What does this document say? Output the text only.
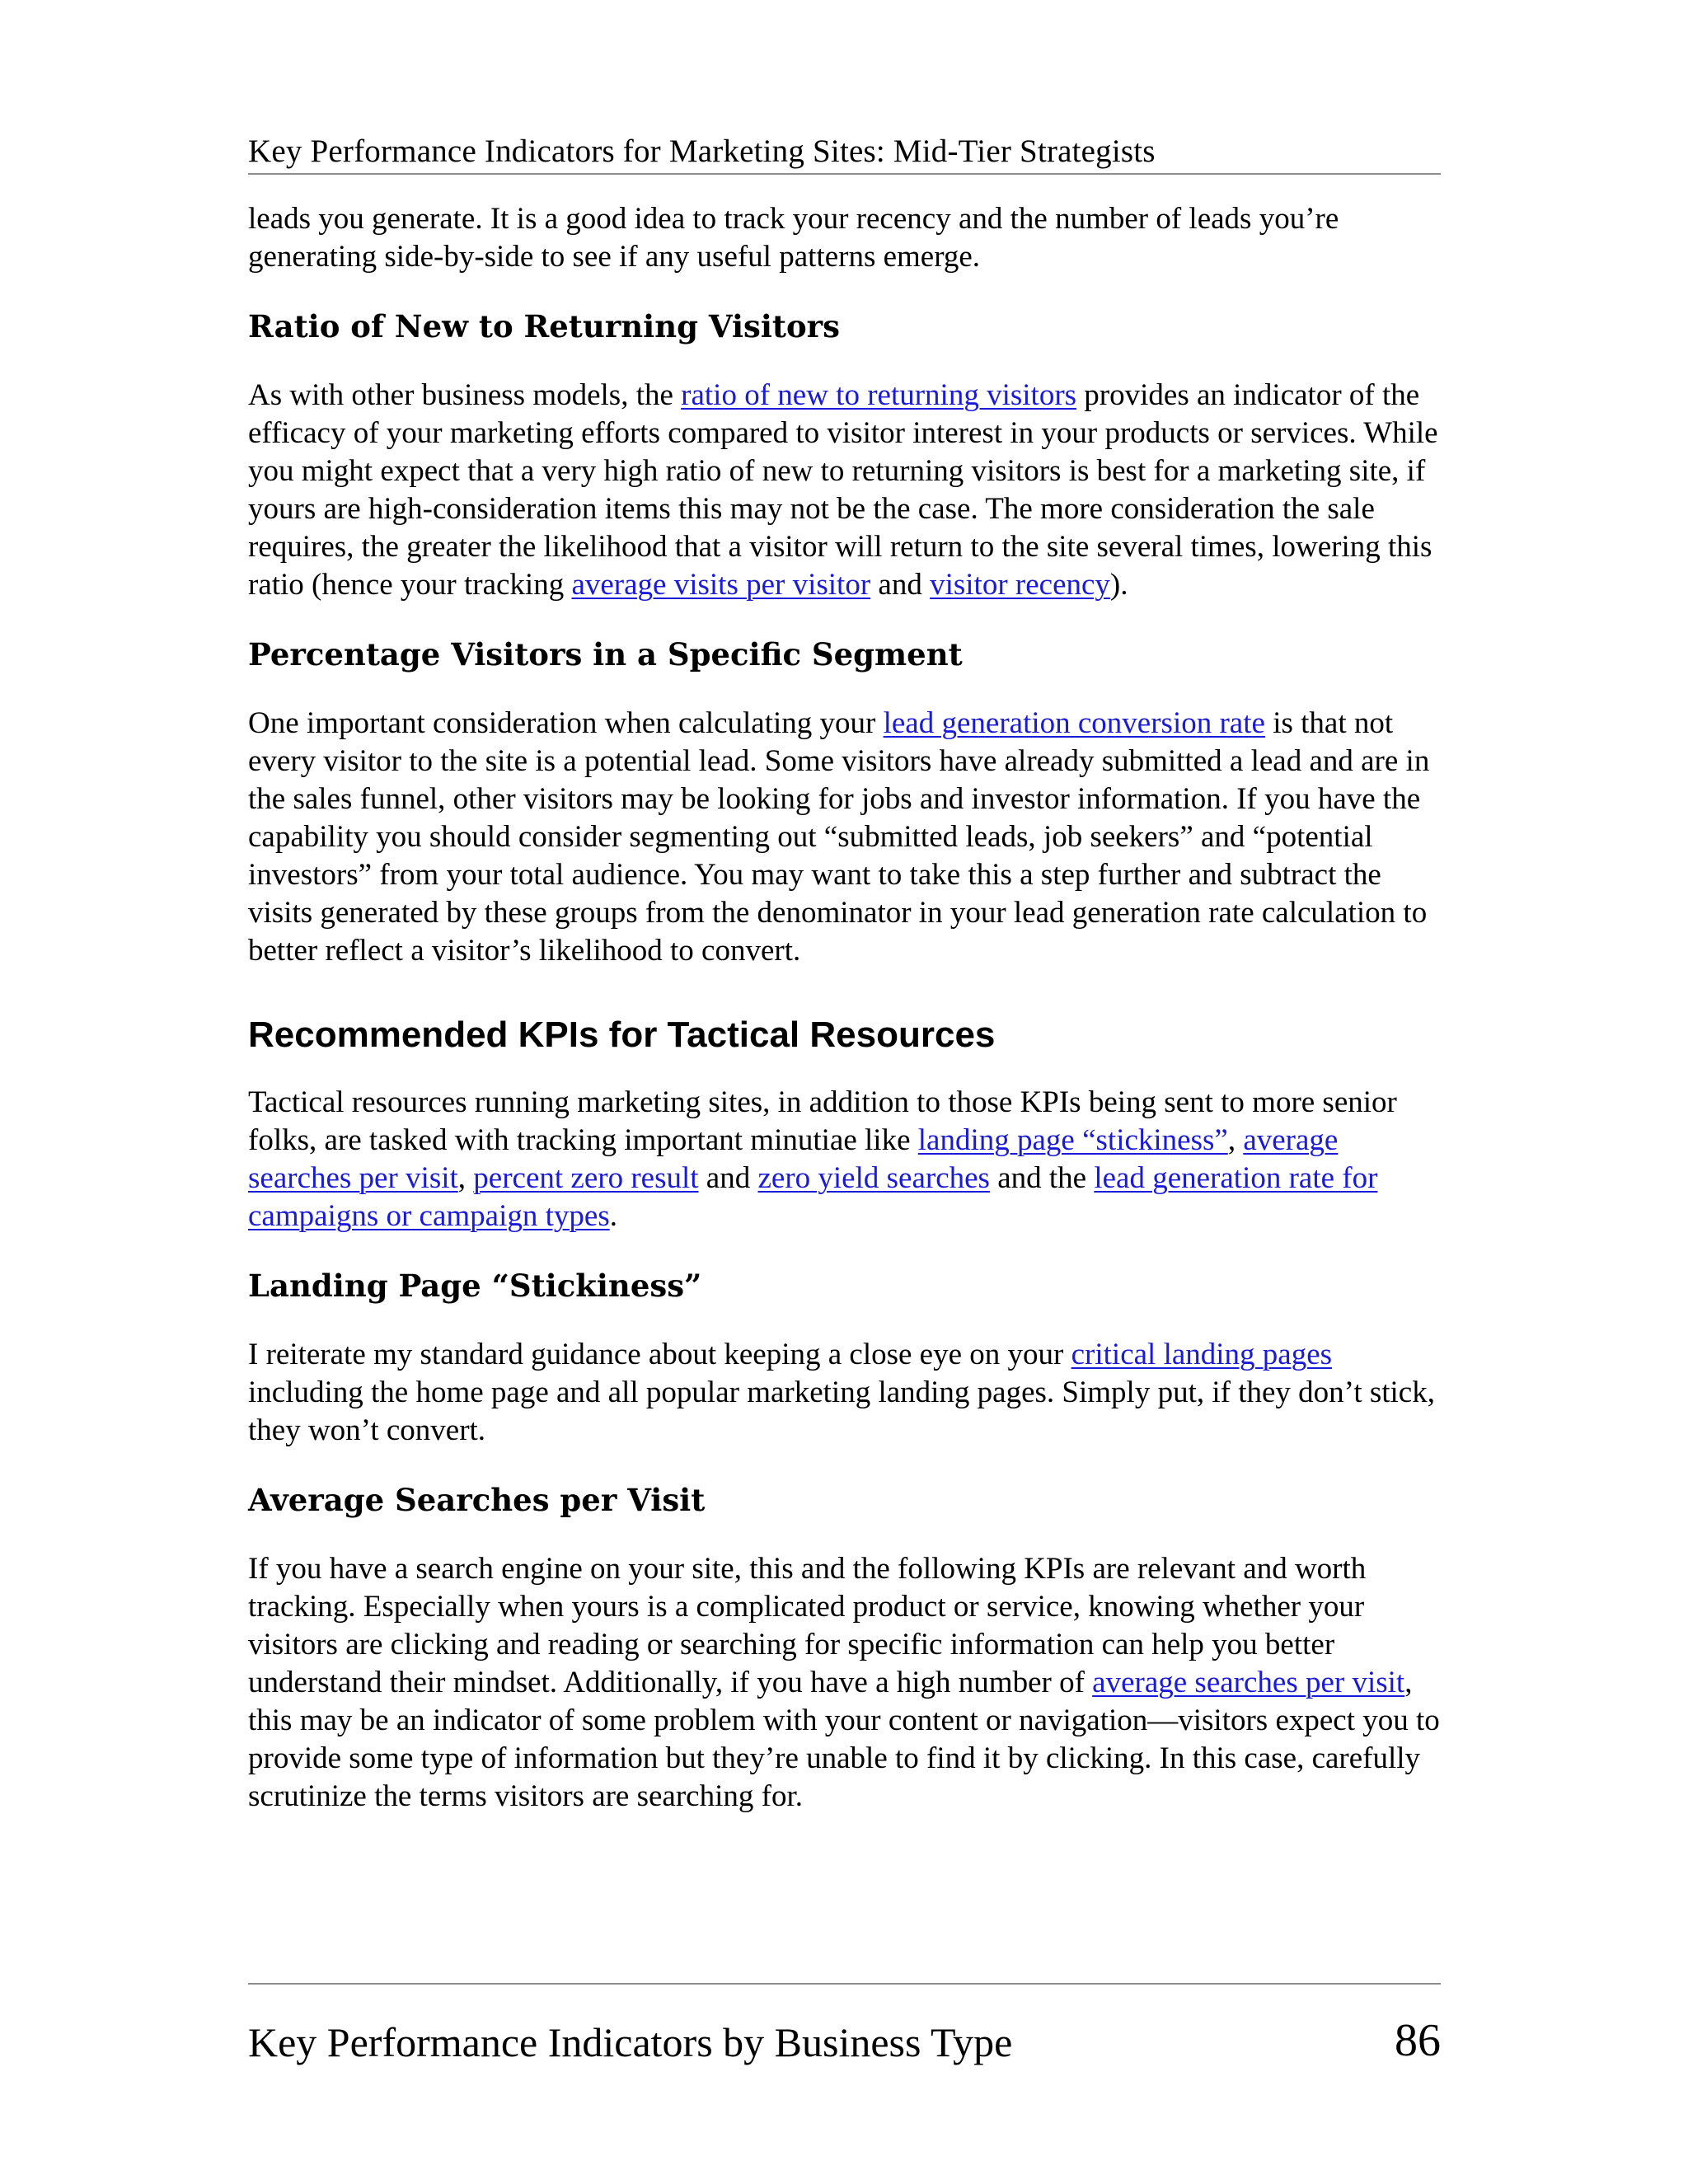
Key Performance Indicators for Marketing Sites: Mid-Tier Strategists

leads you generate. It is a good idea to track your recency and the number of leads you’re generating side-by-side to see if any useful patterns emerge.

Ratio of New to Returning Visitors

As with other business models, the ratio of new to returning visitors provides an indicator of the efficacy of your marketing efforts compared to visitor interest in your products or services. While you might expect that a very high ratio of new to returning visitors is best for a marketing site, if yours are high-consideration items this may not be the case. The more consideration the sale requires, the greater the likelihood that a visitor will return to the site several times, lowering this ratio (hence your tracking average visits per visitor and visitor recency).

Percentage Visitors in a Specific Segment

One important consideration when calculating your lead generation conversion rate is that not every visitor to the site is a potential lead. Some visitors have already submitted a lead and are in the sales funnel, other visitors may be looking for jobs and investor information. If you have the capability you should consider segmenting out “submitted leads, job seekers” and “potential investors” from your total audience. You may want to take this a step further and subtract the visits generated by these groups from the denominator in your lead generation rate calculation to better reflect a visitor’s likelihood to convert.

Recommended KPIs for Tactical Resources

Tactical resources running marketing sites, in addition to those KPIs being sent to more senior folks, are tasked with tracking important minutiae like landing page “stickiness”, average searches per visit, percent zero result and zero yield searches and the lead generation rate for campaigns or campaign types.

Landing Page “Stickiness”

I reiterate my standard guidance about keeping a close eye on your critical landing pages including the home page and all popular marketing landing pages. Simply put, if they don’t stick, they won’t convert.

Average Searches per Visit

If you have a search engine on your site, this and the following KPIs are relevant and worth tracking. Especially when yours is a complicated product or service, knowing whether your visitors are clicking and reading or searching for specific information can help you better understand their mindset. Additionally, if you have a high number of average searches per visit, this may be an indicator of some problem with your content or navigation—visitors expect you to provide some type of information but they’re unable to find it by clicking. In this case, carefully scrutinize the terms visitors are searching for.

Key Performance Indicators by Business Type	86
